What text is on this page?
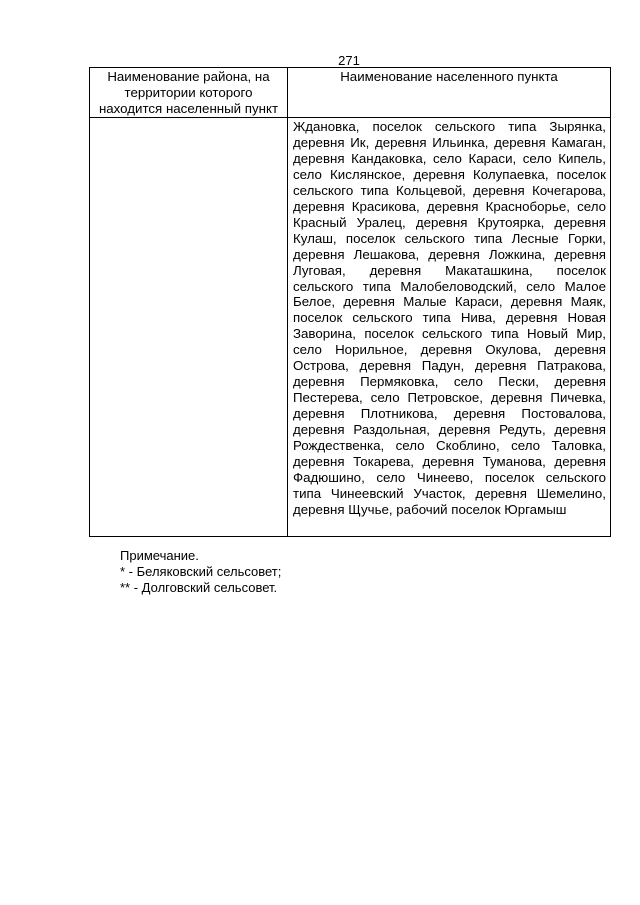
271
Наименование района, на территории которого находится населенный пункт	Наименование населенного пункта
	Ждановка, поселок сельского типа Зырянка, деревня Ик, деревня Ильинка, деревня Камаган, деревня Кандаковка, село Караси, село Кипель, село Кислянское, деревня Колупаевка, поселок сельского типа Кольцевой, деревня Кочегарова, деревня Красикова, деревня Красноборье, село Красный Уралец, деревня Крутоярка, деревня Кулаш, поселок сельского типа Лесные Горки, деревня Лешакова, деревня Ложкина, деревня Луговая, деревня Макаташкина, поселок сельского типа Малобеловодский, село Малое Белое, деревня Малые Караси, деревня Маяк, поселок сельского типа Нива, деревня Новая Заворина, поселок сельского типа Новый Мир, село Норильное, деревня Окулова, деревня Острова, деревня Падун, деревня Патракова, деревня Пермяковка, село Пески, деревня Пестерева, село Петровское, деревня Пичевка, деревня Плотникова, деревня Постовалова, деревня Раздольная, деревня Редуть, деревня Рождественка, село Скоблино, село Таловка, деревня Токарева, деревня Туманова, деревня Фадюшино, село Чинеево, поселок сельского типа Чинеевский Участок, деревня Шемелино, деревня Щучье, рабочий поселок Юргамыш
Примечание.
* - Беляковский сельсовет;
** - Долговский сельсовет.
